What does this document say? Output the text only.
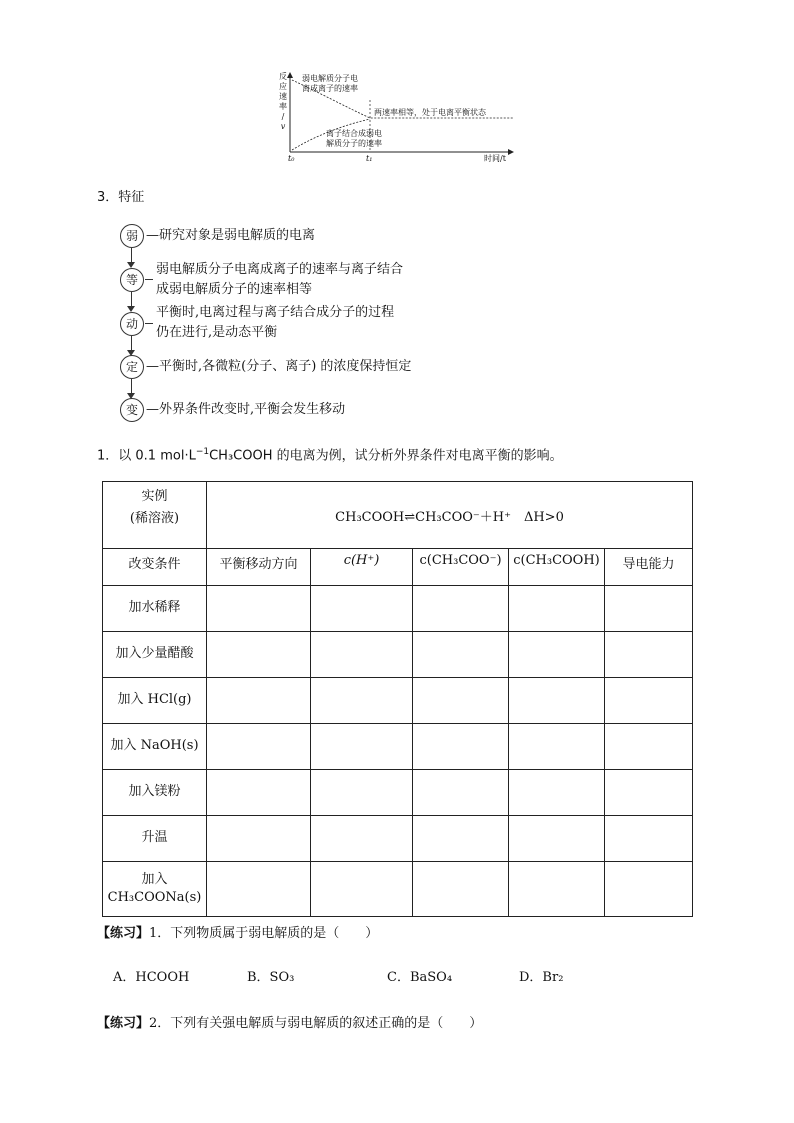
反
应
速
率
/
v
弱电解质分子电
离成离子的速率
两速率相等，处于电离平衡状态
离子结合成弱电
解质分子的速率
t₀	t₁	时间/t
3．特征
弱
等
动
定
变
—研究对象是弱电解质的电离
弱电解质分子电离成离子的速率与离子结合
成弱电解质分子的速率相等
平衡时,电离过程与离子结合成分子的过程
仍在进行,是动态平衡
—平衡时,各微粒(分子、离子) 的浓度保持恒定
—外界条件改变时,平衡会发生移动
1．以 0.1 $mol\cdot L^{-1}CH_3COOH$ 的电离为例，试分析外界条件对电离平衡的影响。
实例
(稀溶液)	CH₃COOH⇌CH₃COO⁻＋H⁺　ΔH>0				
改变条件	平衡移动方向	c(H⁺)	c(CH₃COO⁻)	c(CH₃COOH)	导电能力
加水稀释					
加入少量醋酸					
加入 HCl(g)					
加入 NaOH(s)					
加入镁粉					
升温					

加入
CH₃COONa(s)					

【练习】1．下列物质属于弱电解质的是（　　）
A．HCOOH	B．SO₃	C．BaSO₄	D．Br₂
【练习】2．下列有关强电解质与弱电解质的叙述正确的是（　　）
